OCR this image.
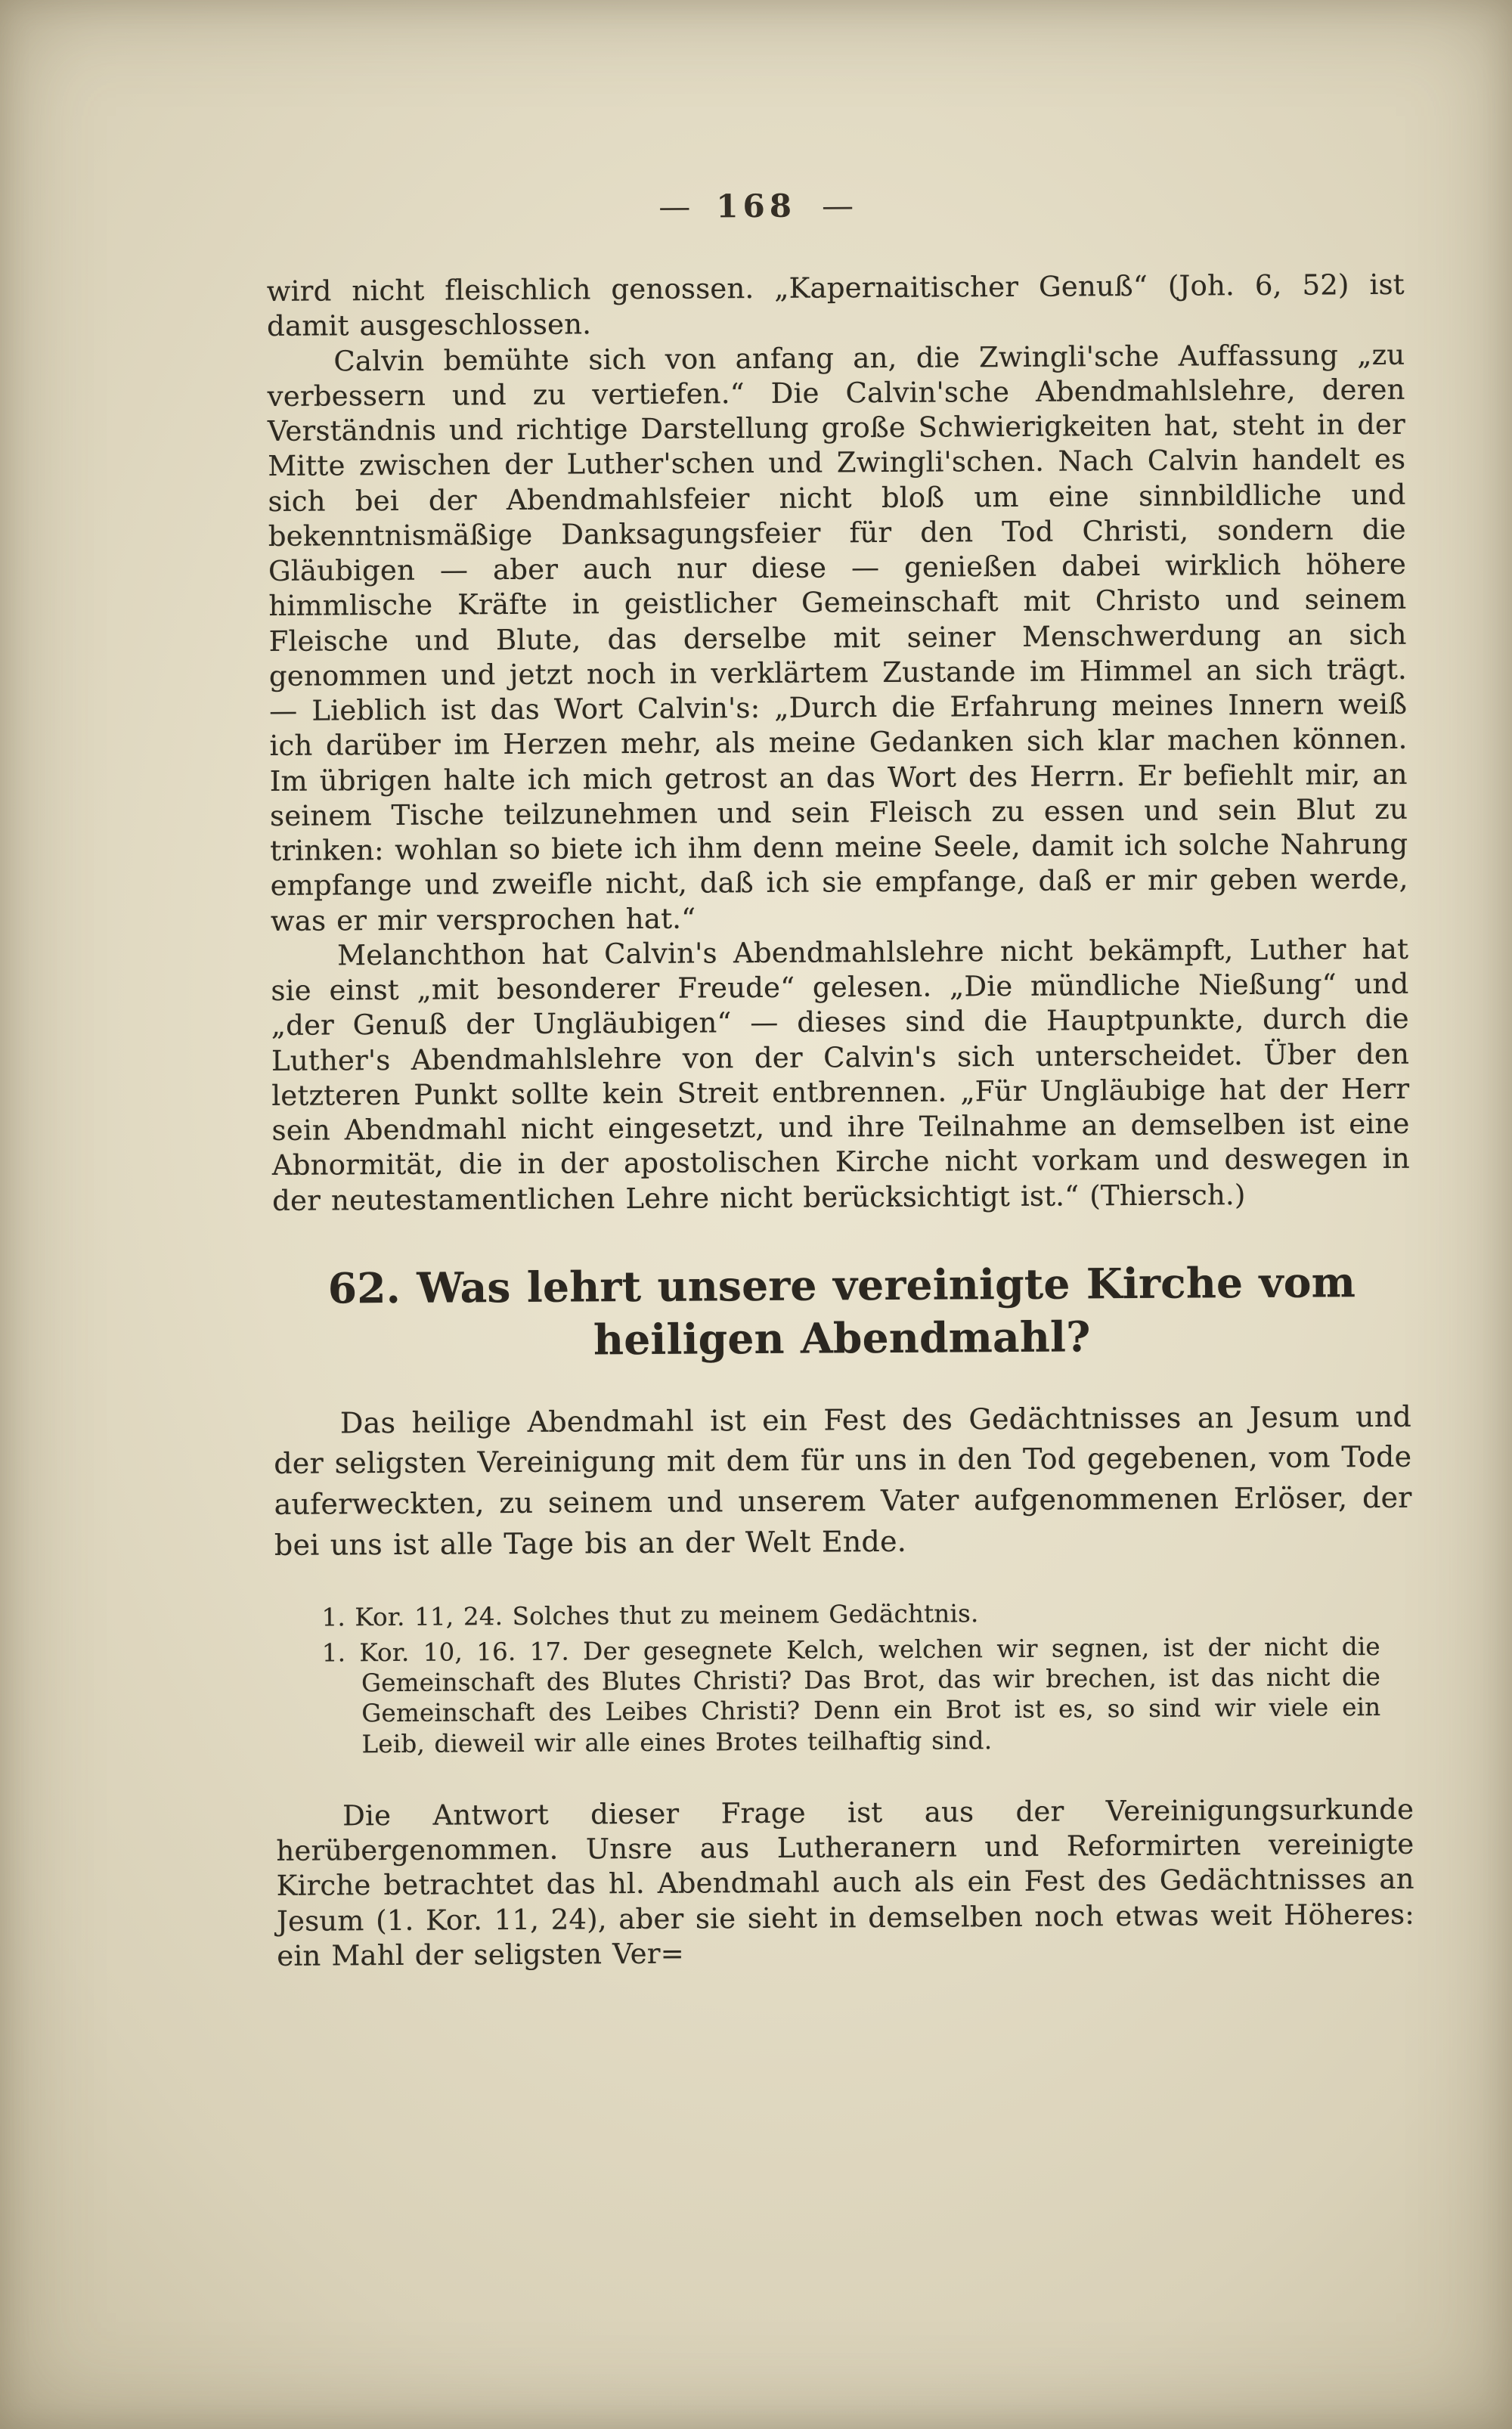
— 168 —

wird nicht fleischlich genossen. „Kapernaitischer Genuß“ (Joh. 6, 52) ist damit ausgeschlossen.

Calvin bemühte sich von anfang an, die Zwingli'sche Auffassung „zu verbessern und zu vertiefen.“ Die Calvin'sche Abendmahlslehre, deren Verständnis und richtige Darstellung große Schwierigkeiten hat, steht in der Mitte zwischen der Luther'schen und Zwingli'schen. Nach Calvin handelt es sich bei der Abendmahlsfeier nicht bloß um eine sinnbildliche und bekenntnismäßige Danksagungsfeier für den Tod Christi, sondern die Gläubigen — aber auch nur diese — genießen dabei wirklich höhere himmlische Kräfte in geistlicher Gemeinschaft mit Christo und seinem Fleische und Blute, das derselbe mit seiner Menschwerdung an sich genommen und jetzt noch in verklärtem Zustande im Himmel an sich trägt. — Lieblich ist das Wort Calvin's: „Durch die Erfahrung meines Innern weiß ich darüber im Herzen mehr, als meine Gedanken sich klar machen können. Im übrigen halte ich mich getrost an das Wort des Herrn. Er befiehlt mir, an seinem Tische teilzunehmen und sein Fleisch zu essen und sein Blut zu trinken: wohlan so biete ich ihm denn meine Seele, damit ich solche Nahrung empfange und zweifle nicht, daß ich sie empfange, daß er mir geben werde, was er mir versprochen hat.“

Melanchthon hat Calvin's Abendmahlslehre nicht bekämpft, Luther hat sie einst „mit besonderer Freude“ gelesen. „Die mündliche Nießung“ und „der Genuß der Ungläubigen“ — dieses sind die Hauptpunkte, durch die Luther's Abendmahlslehre von der Calvin's sich unterscheidet. Über den letzteren Punkt sollte kein Streit entbrennen. „Für Ungläubige hat der Herr sein Abendmahl nicht eingesetzt, und ihre Teilnahme an demselben ist eine Abnormität, die in der apostolischen Kirche nicht vorkam und deswegen in der neutestamentlichen Lehre nicht berücksichtigt ist.“ (Thiersch.)

62. Was lehrt unsere vereinigte Kirche vom heiligen Abendmahl?

Das heilige Abendmahl ist ein Fest des Gedächtnisses an Jesum und der seligsten Vereinigung mit dem für uns in den Tod gegebenen, vom Tode auferweckten, zu seinem und unserem Vater aufgenommenen Erlöser, der bei uns ist alle Tage bis an der Welt Ende.

1. Kor. 11, 24. Solches thut zu meinem Gedächtnis.

1. Kor. 10, 16. 17. Der gesegnete Kelch, welchen wir segnen, ist der nicht die Gemeinschaft des Blutes Christi? Das Brot, das wir brechen, ist das nicht die Gemeinschaft des Leibes Christi? Denn ein Brot ist es, so sind wir viele ein Leib, dieweil wir alle eines Brotes teilhaftig sind.

Die Antwort dieser Frage ist aus der Vereinigungsurkunde herübergenommen. Unsre aus Lutheranern und Reformirten vereinigte Kirche betrachtet das hl. Abendmahl auch als ein Fest des Gedächtnisses an Jesum (1. Kor. 11, 24), aber sie sieht in demselben noch etwas weit Höheres: ein Mahl der seligsten Ver=
